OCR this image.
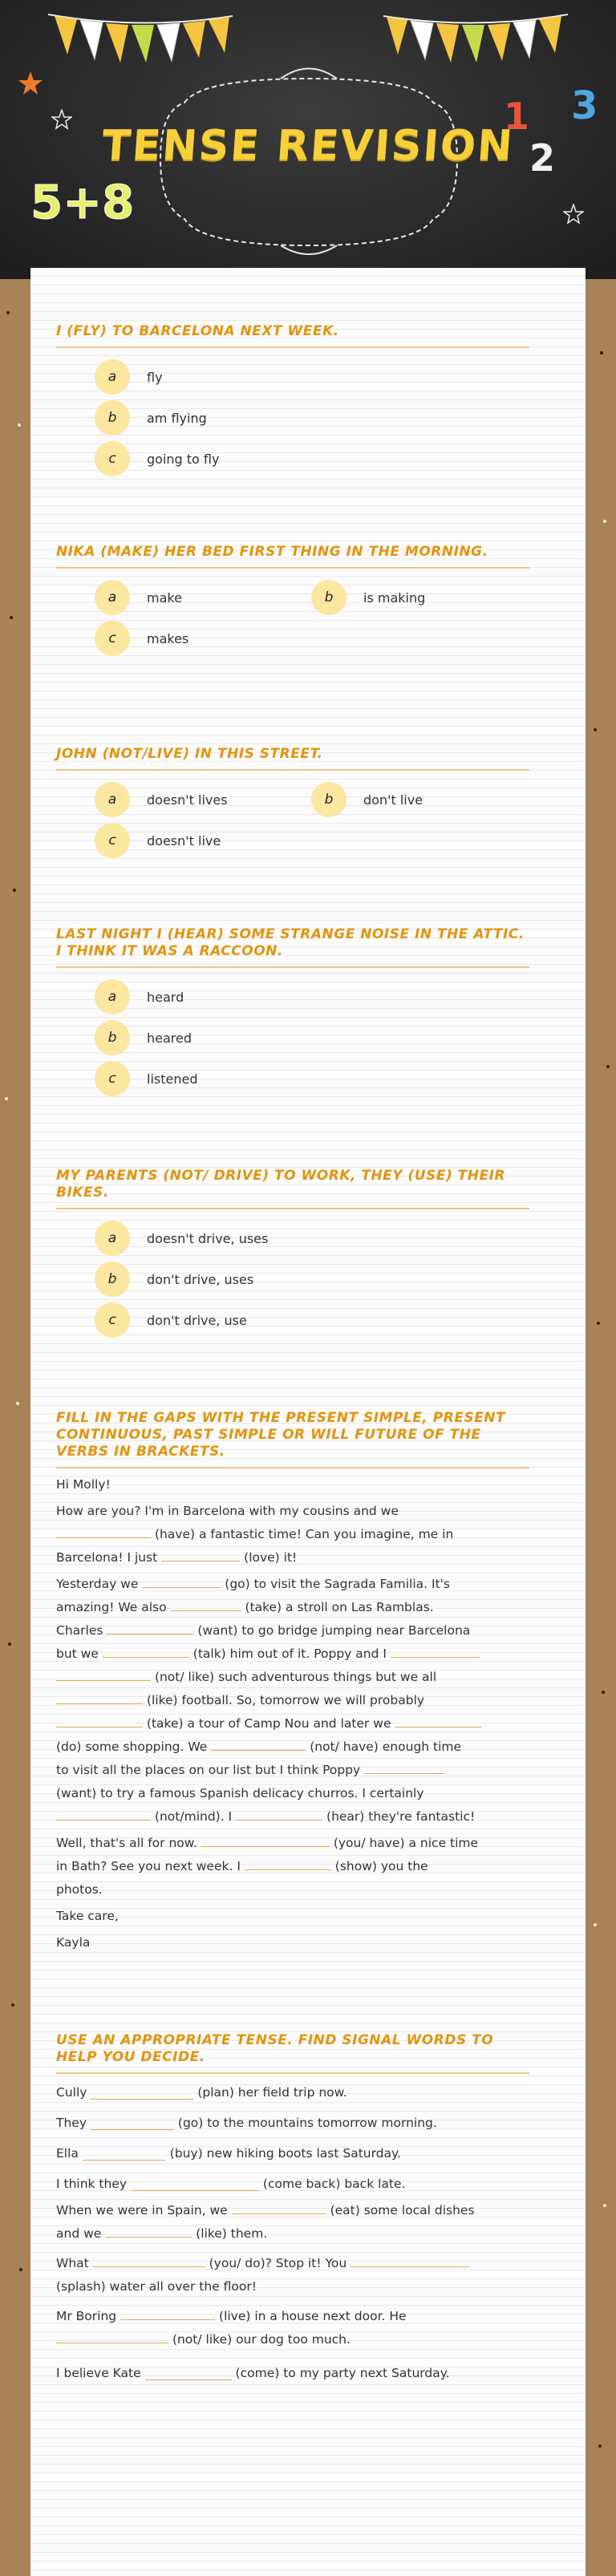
TENSE REVISION
5+8
1
2
3
I (FLY) TO BARCELONA NEXT WEEK.
a	fly
b	am flying
c	going to fly
NIKA (MAKE) HER BED FIRST THING IN THE MORNING.
a	make	b	is making
c	makes
JOHN (NOT/LIVE) IN THIS STREET.
a	doesn't lives	b	don't live
c	doesn't live
LAST NIGHT I (HEAR) SOME STRANGE NOISE IN THE ATTIC. I THINK IT WAS A RACCOON.
a	heard
b	heared
c	listened
MY PARENTS (NOT/ DRIVE) TO WORK, THEY (USE) THEIR BIKES.
a	doesn't drive, uses
b	don't drive, uses
c	don't drive, use
FILL IN THE GAPS WITH THE PRESENT SIMPLE, PRESENT CONTINUOUS, PAST SIMPLE OR WILL FUTURE OF THE VERBS IN BRACKETS.
Hi Molly!
How are you? I'm in Barcelona with my cousins and we
(have) a fantastic time! Can you imagine, me in
Barcelona! I just	(love) it!
Yesterday we	(go) to visit the Sagrada Familia. It's
amazing! We also	(take) a stroll on Las Ramblas.
Charles	(want) to go bridge jumping near Barcelona
but we	(talk) him out of it. Poppy and I
(not/ like) such adventurous things but we all
(like) football. So, tomorrow we will probably
(take) a tour of Camp Nou and later we
(do) some shopping. We	(not/ have) enough time
to visit all the places on our list but I think Poppy
(want) to try a famous Spanish delicacy churros. I certainly
(not/mind). I	(hear) they're fantastic!
Well, that's all for now.	(you/ have) a nice time
in Bath? See you next week. I	(show) you the
photos.
Take care,
Kayla
USE AN APPROPRIATE TENSE. FIND SIGNAL WORDS TO HELP YOU DECIDE.
Cully

	(plan) her field trip now.
They

	(go) to the mountains tomorrow morning.
Ella

	(buy) new hiking boots last Saturday.
I think they

	(come back) back late.
When we were in Spain, we	(eat) some local dishes
and we	(like) them.
What	(you/ do)? Stop it! You
(splash) water all over the floor!
Mr Boring	(live) in a house next door. He
(not/ like) our dog too much.
I believe Kate

	(come) to my party next Saturday.
